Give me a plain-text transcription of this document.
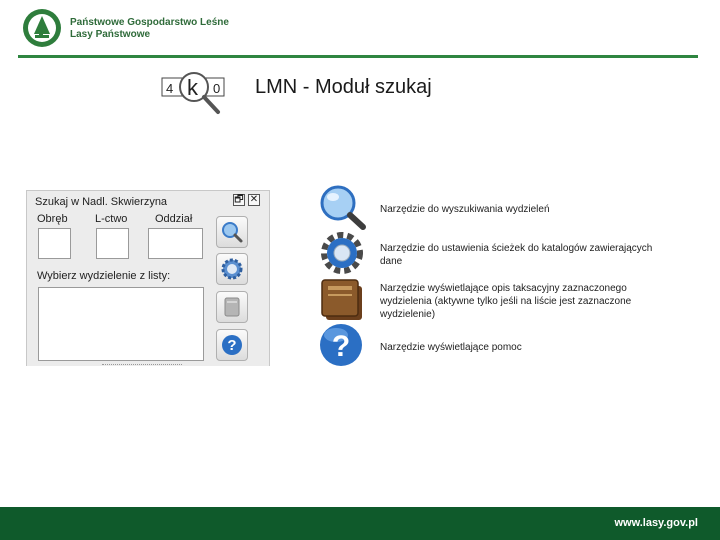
Państwowe Gospodarstwo Leśne
Lasy Państwowe
4 k 0 LMN - Moduł szukaj
Szukaj w Nadl. Skwierzyna	🗗 ✕
Obręb L-ctwo	Oddział
Wybierz wydzielenie z listy:
?
Narzędzie do wyszukiwania wydzieleń
Narzędzie do ustawienia ścieżek do katalogów zawierających dane
Narzędzie wyświetlające opis taksacyjny zaznaczonego wydzielenia (aktywne tylko jeśli na liście jest zaznaczone wydzielenie)
?	Narzędzie wyświetlające pomoc
www.lasy.gov.pl
